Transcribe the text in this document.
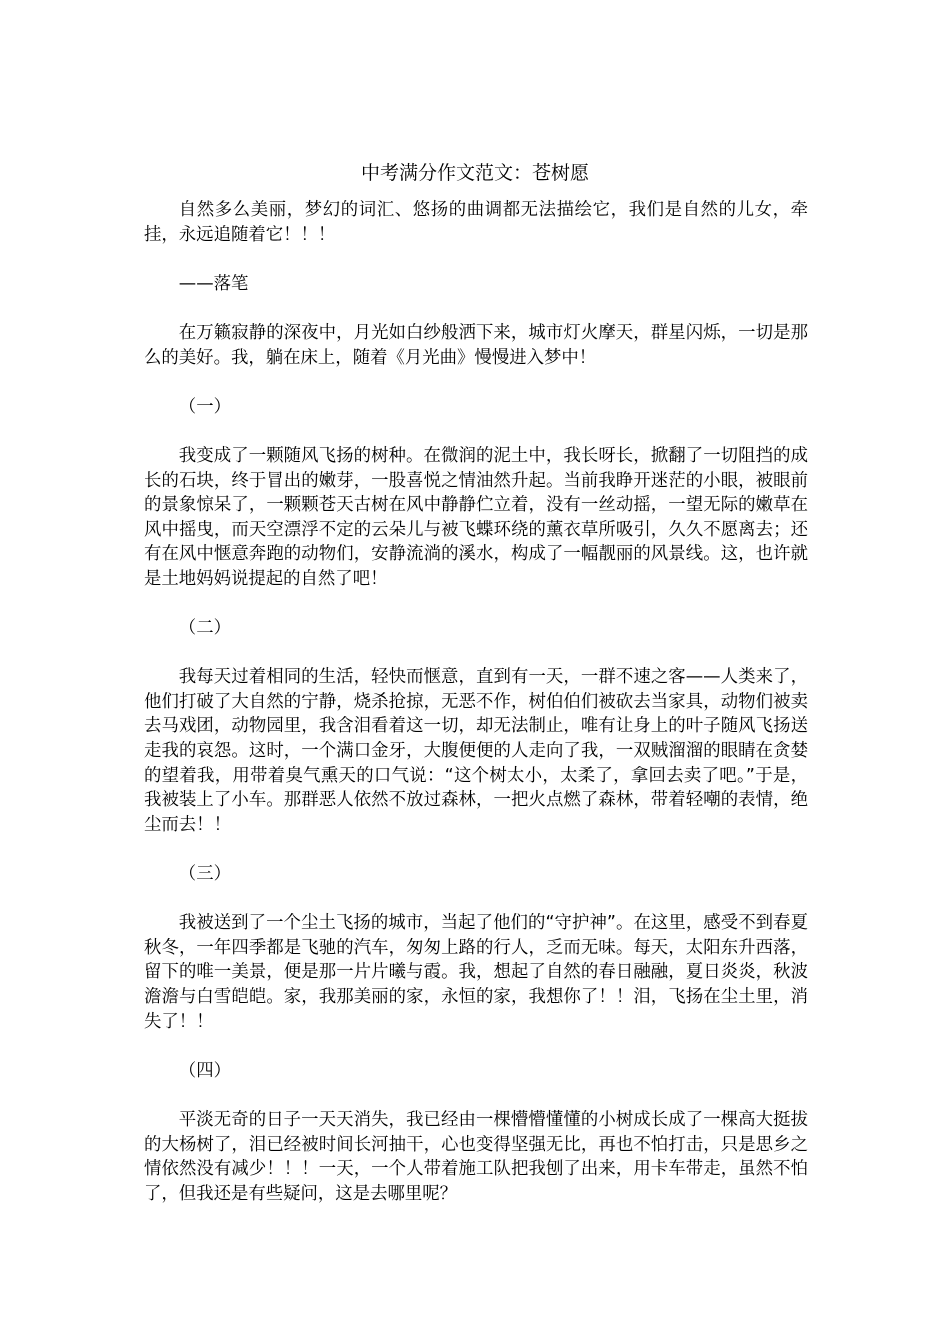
中考满分作文范文：苍树愿

自然多么美丽，梦幻的词汇、悠扬的曲调都无法描绘它，我们是自然的儿女，牵挂，永远追随着它！！！

——落笔

在万籁寂静的深夜中，月光如白纱般洒下来，城市灯火摩天，群星闪烁，一切是那么的美好。我，躺在床上，随着《月光曲》慢慢进入梦中！

（一）

我变成了一颗随风飞扬的树种。在微润的泥土中，我长呀长，掀翻了一切阻挡的成长的石块，终于冒出的嫩芽，一股喜悦之情油然升起。当前我睁开迷茫的小眼，被眼前的景象惊呆了，一颗颗苍天古树在风中静静伫立着，没有一丝动摇，一望无际的嫩草在风中摇曳，而天空漂浮不定的云朵儿与被飞蝶环绕的薰衣草所吸引，久久不愿离去；还有在风中惬意奔跑的动物们，安静流淌的溪水，构成了一幅靓丽的风景线。这，也许就是土地妈妈说提起的自然了吧！

（二）

我每天过着相同的生活，轻快而惬意，直到有一天，一群不速之客——人类来了，他们打破了大自然的宁静，烧杀抢掠，无恶不作，树伯伯们被砍去当家具，动物们被卖去马戏团，动物园里，我含泪看着这一切，却无法制止，唯有让身上的叶子随风飞扬送走我的哀怨。这时，一个满口金牙，大腹便便的人走向了我，一双贼溜溜的眼睛在贪婪的望着我，用带着臭气熏天的口气说：“这个树太小，太柔了，拿回去卖了吧。”于是，我被装上了小车。那群恶人依然不放过森林，一把火点燃了森林，带着轻嘲的表情，绝尘而去！！

（三）

我被送到了一个尘土飞扬的城市，当起了他们的“守护神”。在这里，感受不到春夏秋冬，一年四季都是飞驰的汽车，匆匆上路的行人，乏而无味。每天，太阳东升西落，留下的唯一美景，便是那一片片曦与霞。我，想起了自然的春日融融，夏日炎炎，秋波澹澹与白雪皑皑。家，我那美丽的家，永恒的家，我想你了！！泪，飞扬在尘土里，消失了！！

（四）

平淡无奇的日子一天天消失，我已经由一棵懵懵懂懂的小树成长成了一棵高大挺拔的大杨树了，泪已经被时间长河抽干，心也变得坚强无比，再也不怕打击，只是思乡之情依然没有减少！！！一天，一个人带着施工队把我刨了出来，用卡车带走，虽然不怕了，但我还是有些疑问，这是去哪里呢？
